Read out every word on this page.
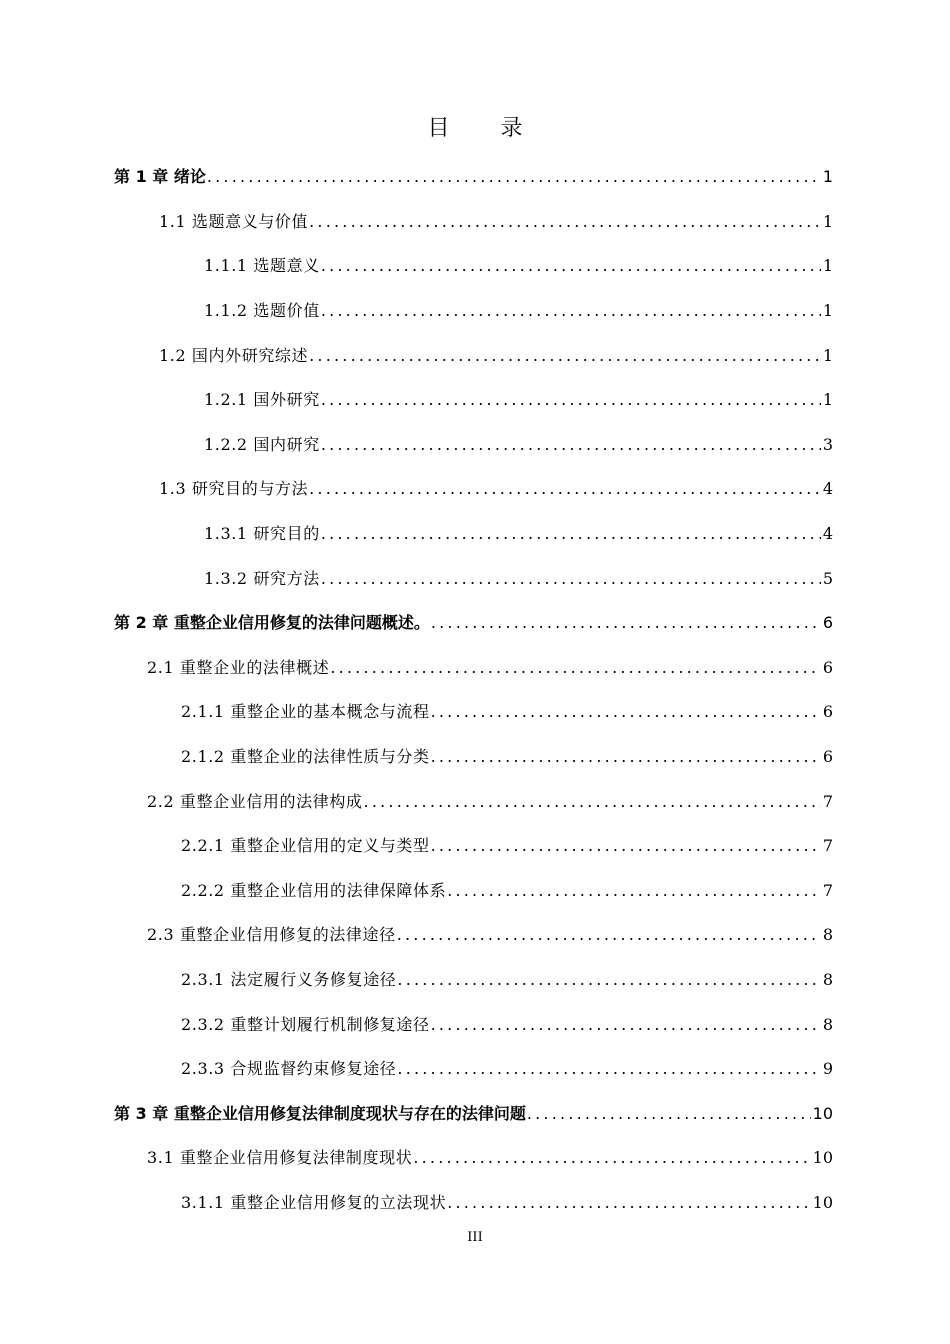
目 录
第 1 章 绪论 .....	1
1.1 选题意义与价值 .....	1
1.1.1 选题意义 .....	1
1.1.2 选题价值 .....	1
1.2 国内外研究综述 .....	1
1.2.1 国外研究 .....	1
1.2.2 国内研究 .....	3
1.3 研究目的与方法 .....	4
1.3.1 研究目的 .....	4
1.3.2 研究方法 .....	5
第 2 章 重整企业信用修复的法律问题概述。 .....	6
2.1 重整企业的法律概述 .....	6
2.1.1 重整企业的基本概念与流程 .....	6
2.1.2 重整企业的法律性质与分类 .....	6
2.2 重整企业信用的法律构成 .....	7
2.2.1 重整企业信用的定义与类型 .....	7
2.2.2 重整企业信用的法律保障体系 .....	7
2.3 重整企业信用修复的法律途径 .....	8
2.3.1 法定履行义务修复途径 .....	8
2.3.2 重整计划履行机制修复途径 .....	8
2.3.3 合规监督约束修复途径 .....	9
第 3 章 重整企业信用修复法律制度现状与存在的法律问题 .....	10
3.1 重整企业信用修复法律制度现状 .....	10
3.1.1 重整企业信用修复的立法现状 .....	10
III
